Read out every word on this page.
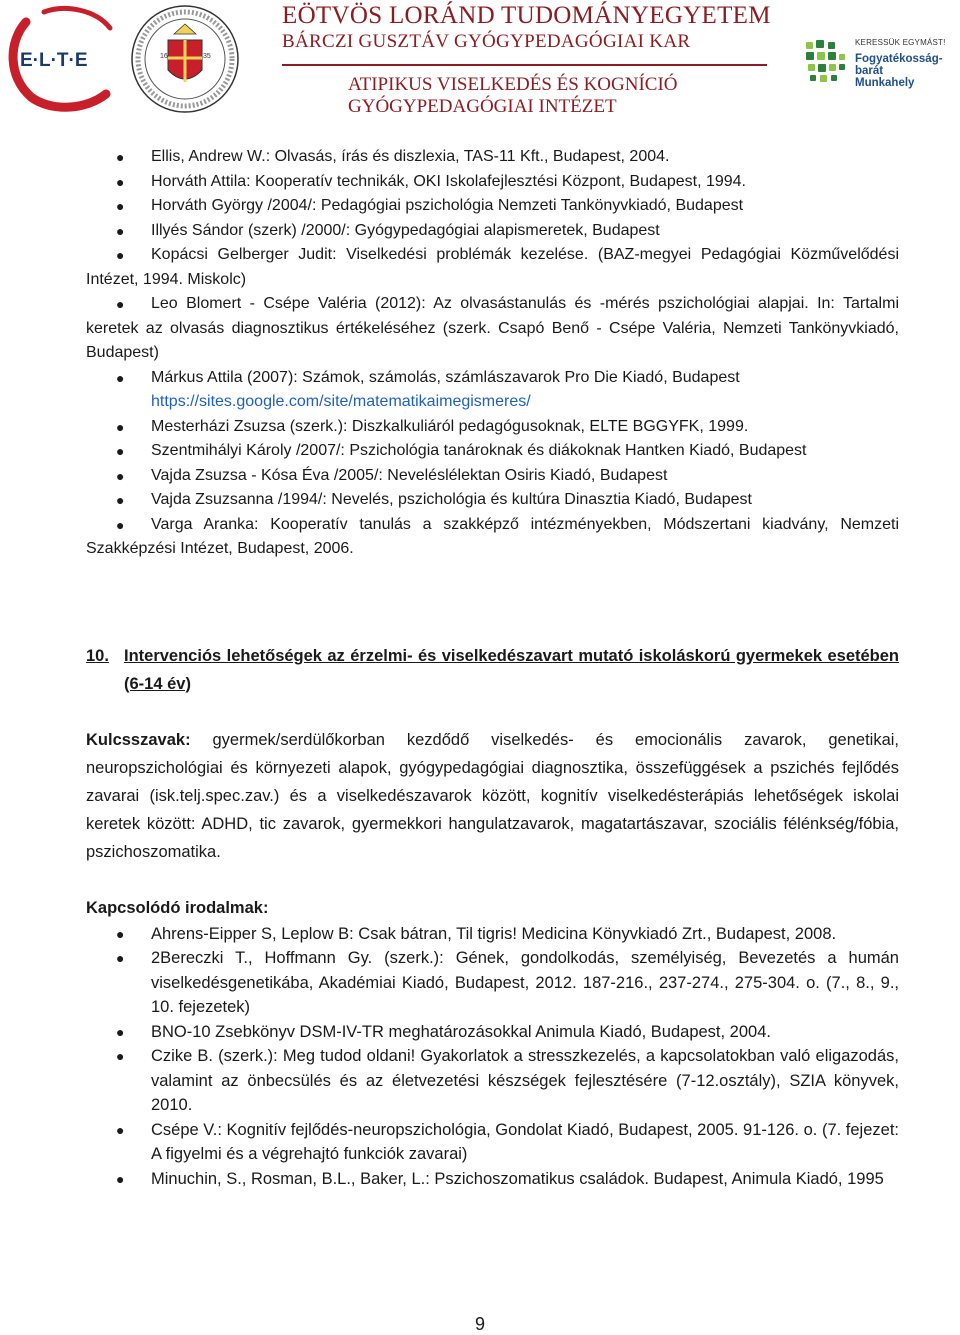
E·L·T·E	16	35
EÖTVÖS LORÁND TUDOMÁNYEGYETEM
BÁRCZI GUSZTÁV GYÓGYPEDAGÓGIAI KAR
ATIPIKUS VISELKEDÉS ÉS KOGNÍCIÓ
GYÓGYPEDAGÓGIAI INTÉZET
KERESSÜK EGYMÁST!
Fogyatékosság-barát
Munkahely
●	Ellis, Andrew W.: Olvasás, írás és diszlexia, TAS-11 Kft., Budapest, 2004.
●	Horváth Attila: Kooperatív technikák, OKI Iskolafejlesztési Központ, Budapest, 1994.
●	Horváth György /2004/: Pedagógiai pszichológia Nemzeti Tankönyvkiadó, Budapest
●	Illyés Sándor (szerk) /2000/: Gyógypedagógiai alapismeretek, Budapest
●	Kopácsi Gelberger Judit: Viselkedési problémák kezelése. (BAZ-megyei Pedagógiai Közművelődési Intézet, 1994. Miskolc)
●	Leo Blomert - Csépe Valéria (2012): Az olvasástanulás és -mérés pszichológiai alapjai. In: Tartalmi keretek az olvasás diagnosztikus értékeléséhez (szerk. Csapó Benő - Csépe Valéria, Nemzeti Tankönyvkiadó, Budapest)
●	Márkus Attila (2007): Számok, számolás, számlászavarok Pro Die Kiadó, Budapest
https://sites.google.com/site/matematikaimegismeres/
●	Mesterházi Zsuzsa (szerk.): Diszkalkuliáról pedagógusoknak, ELTE BGGYFK, 1999.
●	Szentmihályi Károly /2007/: Pszichológia tanároknak és diákoknak Hantken Kiadó, Budapest
●	Vajda Zsuzsa - Kósa Éva /2005/: Neveléslélektan Osiris Kiadó, Budapest
●	Vajda Zsuzsanna /1994/: Nevelés, pszichológia és kultúra Dinasztia Kiadó, Budapest
●	Varga Aranka: Kooperatív tanulás a szakképző intézményekben, Módszertani kiadvány, Nemzeti Szakképzési Intézet, Budapest, 2006.
10. Intervenciós lehetőségek az érzelmi- és viselkedészavart mutató iskoláskorú gyermekek esetében (6-14 év)
Kulcsszavak: gyermek/serdülőkorban kezdődő viselkedés- és emocionális zavarok, genetikai, neuropszichológiai és környezeti alapok, gyógypedagógiai diagnosztika, összefüggések a pszichés fejlődés zavarai (isk.telj.spec.zav.) és a viselkedészavarok között, kognitív viselkedésterápiás lehetőségek iskolai keretek között: ADHD, tic zavarok, gyermekkori hangulatzavarok, magatartászavar, szociális félénkség/fóbia, pszichoszomatika.
Kapcsolódó irodalmak:
●	Ahrens-Eipper S, Leplow B: Csak bátran, Til tigris! Medicina Könyvkiadó Zrt., Budapest, 2008.
●	2Bereczki T., Hoffmann Gy. (szerk.): Gének, gondolkodás, személyiség, Bevezetés a humán viselkedésgenetikába, Akadémiai Kiadó, Budapest, 2012. 187-216., 237-274., 275-304. o. (7., 8., 9., 10. fejezetek)
●	BNO-10 Zsebkönyv DSM-IV-TR meghatározásokkal Animula Kiadó, Budapest, 2004.
●	Czike B. (szerk.): Meg tudod oldani! Gyakorlatok a stresszkezelés, a kapcsolatokban való eligazodás, valamint az önbecsülés és az életvezetési készségek fejlesztésére (7-12.osztály), SZIA könyvek, 2010.
●	Csépe V.: Kognitív fejlődés-neuropszichológia, Gondolat Kiadó, Budapest, 2005. 91-126. o. (7. fejezet: A figyelmi és a végrehajtó funkciók zavarai)
●	Minuchin, S., Rosman, B.L., Baker, L.: Pszichoszomatikus családok. Budapest, Animula Kiadó, 1995
9
